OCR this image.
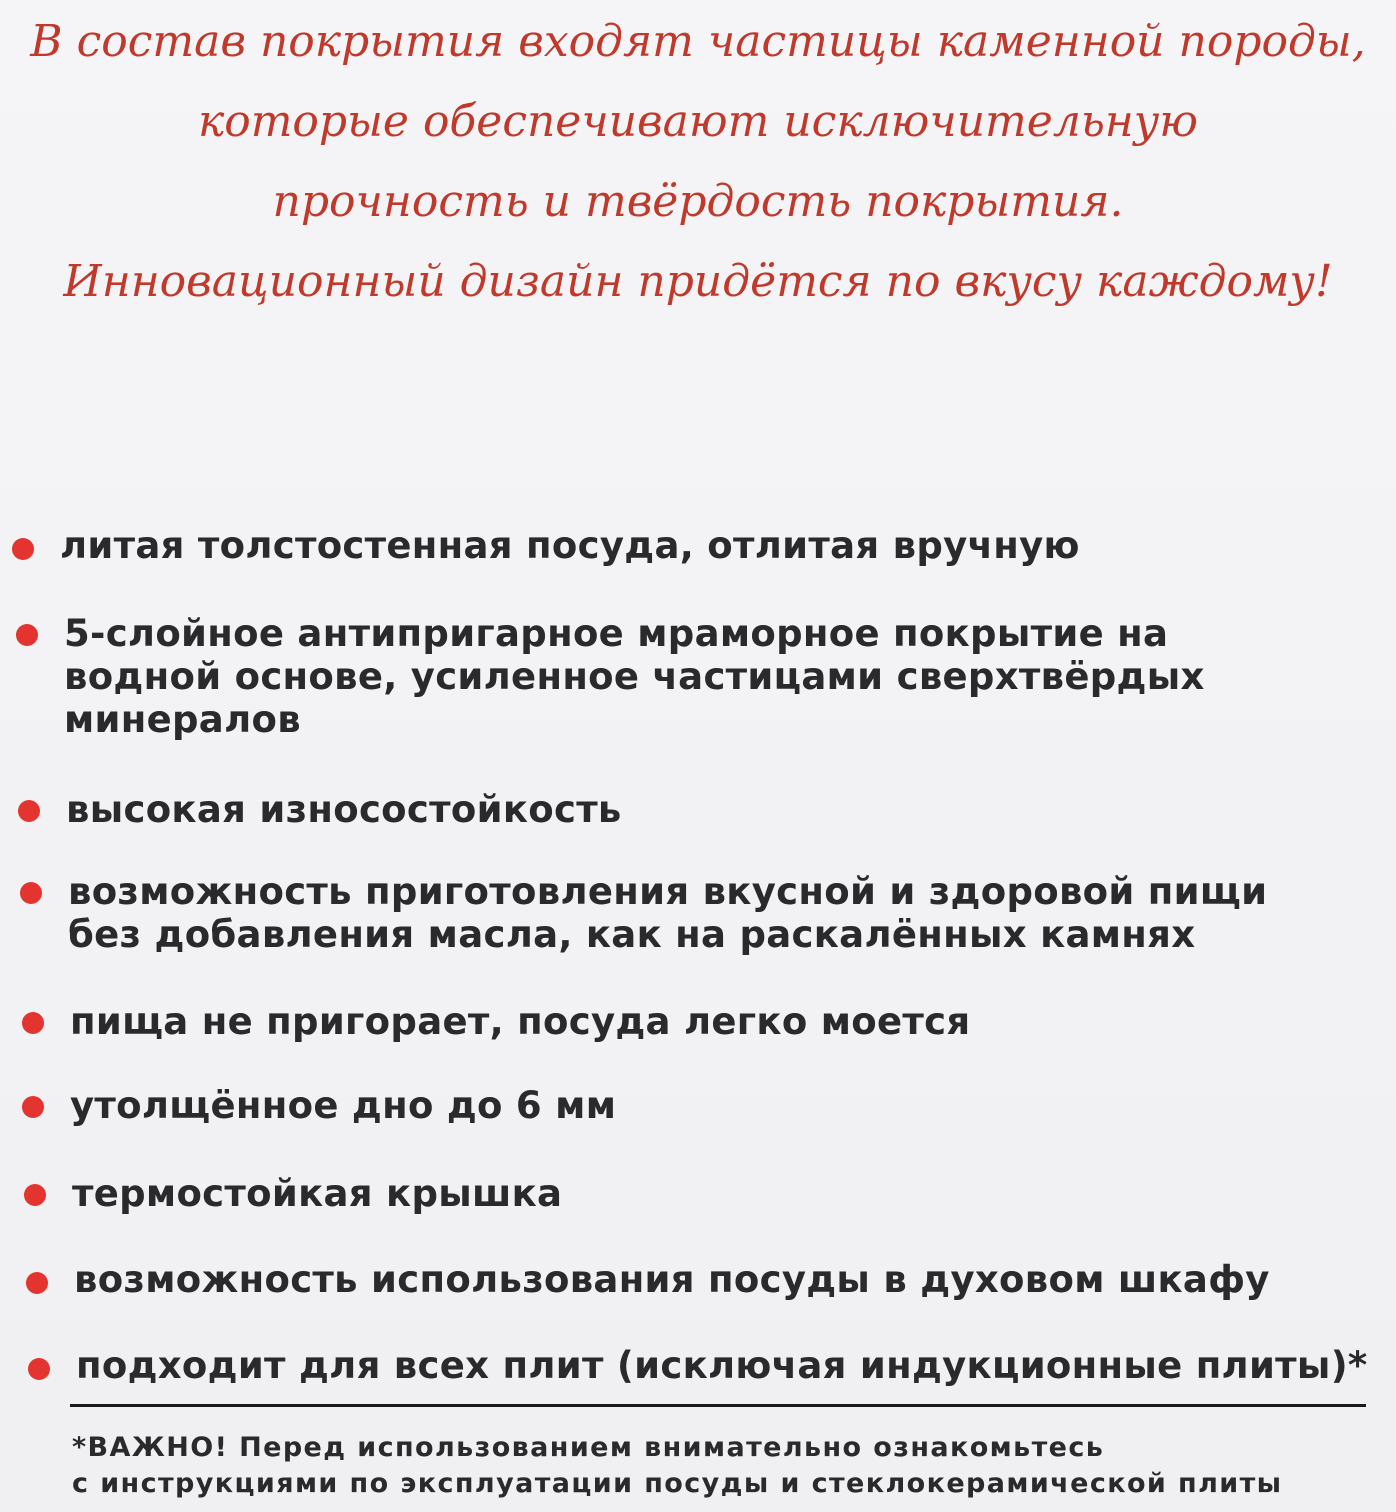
В состав покрытия входят частицы каменной породы,
которые обеспечивают исключительную
прочность и твёрдость покрытия.
Инновационный дизайн придётся по вкусу каждому!
литая толстостенная посуда, отлитая вручную
5-слойное антипригарное мраморное покрытие на
водной основе, усиленное частицами сверхтвёрдых
минералов
высокая износостойкость
возможность приготовления вкусной и здоровой пищи
без добавления масла, как на раскалённых камнях
пища не пригорает, посуда легко моется
утолщённое дно до 6 мм
термостойкая крышка
возможность использования посуды в духовом шкафу
подходит для всех плит (исключая индукционные плиты)*
*ВАЖНО! Перед использованием внимательно ознакомьтесь
с инструкциями по эксплуатации посуды и стеклокерамической плиты
